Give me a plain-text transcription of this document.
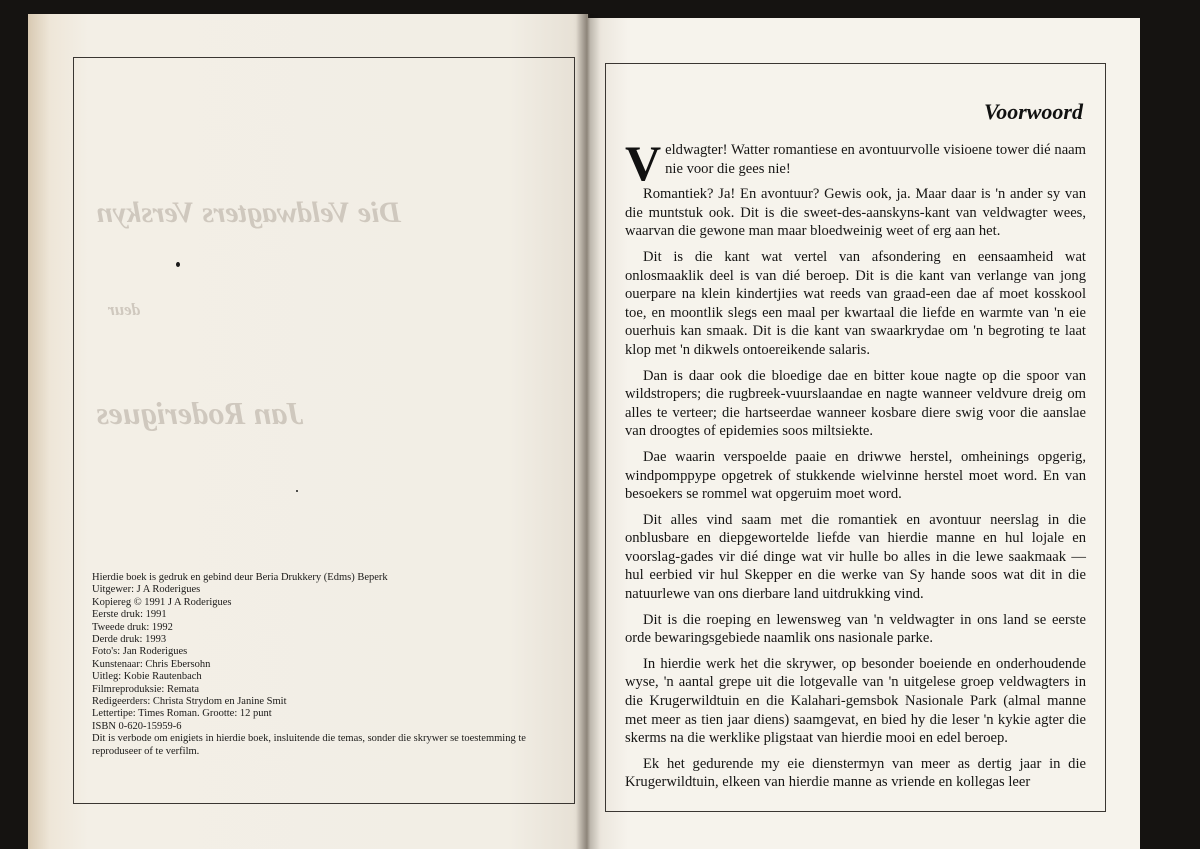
Die Veldwagters Verskyn
deur
Jan Roderigues
Hierdie boek is gedruk en gebind deur Beria Drukkery (Edms) Beperk
Uitgewer: J A Roderigues
Kopiereg © 1991 J A Roderigues
Eerste druk: 1991
Tweede druk: 1992
Derde druk: 1993
Foto's: Jan Roderigues
Kunstenaar: Chris Ebersohn
Uitleg: Kobie Rautenbach
Filmreproduksie: Remata
Redigeerders: Christa Strydom en Janine Smit
Lettertipe: Times Roman. Grootte: 12 punt
ISBN 0-620-15959-6
Dit is verbode om enigiets in hierdie boek, insluitende die temas, sonder die skrywer se toestemming te reproduseer of te verfilm.
Voorwoord

Veldwagter! Watter romantiese en avontuurvolle visioene tower dié naam nie voor die gees nie!

Romantiek? Ja! En avontuur? Gewis ook, ja. Maar daar is 'n ander sy van die muntstuk ook. Dit is die sweet-des-aanskyns-kant van veldwagter wees, waarvan die gewone man maar bloedweinig weet of erg aan het.

Dit is die kant wat vertel van afsondering en eensaamheid wat onlosmaaklik deel is van dié beroep. Dit is die kant van verlange van jong ouerpare na klein kindertjies wat reeds van graad-een dae af moet kosskool toe, en moontlik slegs een maal per kwartaal die liefde en warmte van 'n eie ouerhuis kan smaak. Dit is die kant van swaarkrydae om 'n begroting te laat klop met 'n dikwels ontoereikende salaris.

Dan is daar ook die bloedige dae en bitter koue nagte op die spoor van wildstropers; die rugbreek-vuurslaandae en nagte wanneer veldvure dreig om alles te verteer; die hartseerdae wanneer kosbare diere swig voor die aanslae van droogtes of epidemies soos miltsiekte.

Dae waarin verspoelde paaie en driwwe herstel, omheinings opgerig, windpomppype opgetrek of stukkende wielvinne herstel moet word. En van besoekers se rommel wat opgeruim moet word.

Dit alles vind saam met die romantiek en avontuur neerslag in die onblusbare en diepgewortelde liefde van hierdie manne en hul lojale en voorslag-gades vir dié dinge wat vir hulle bo alles in die lewe saakmaak — hul eerbied vir hul Skepper en die werke van Sy hande soos wat dit in die natuurlewe van ons dierbare land uitdrukking vind.

Dit is die roeping en lewensweg van 'n veldwagter in ons land se eerste orde bewaringsgebiede naamlik ons nasionale parke.

In hierdie werk het die skrywer, op besonder boeiende en onderhoudende wyse, 'n aantal grepe uit die lotgevalle van 'n uitgelese groep veldwagters in die Krugerwildtuin en die Kalahari-gemsbok Nasionale Park (almal manne met meer as tien jaar diens) saamgevat, en bied hy die leser 'n kykie agter die skerms na die werklike pligstaat van hierdie mooi en edel beroep.

Ek het gedurende my eie dienstermyn van meer as dertig jaar in die Krugerwildtuin, elkeen van hierdie manne as vriende en kollegas leer
